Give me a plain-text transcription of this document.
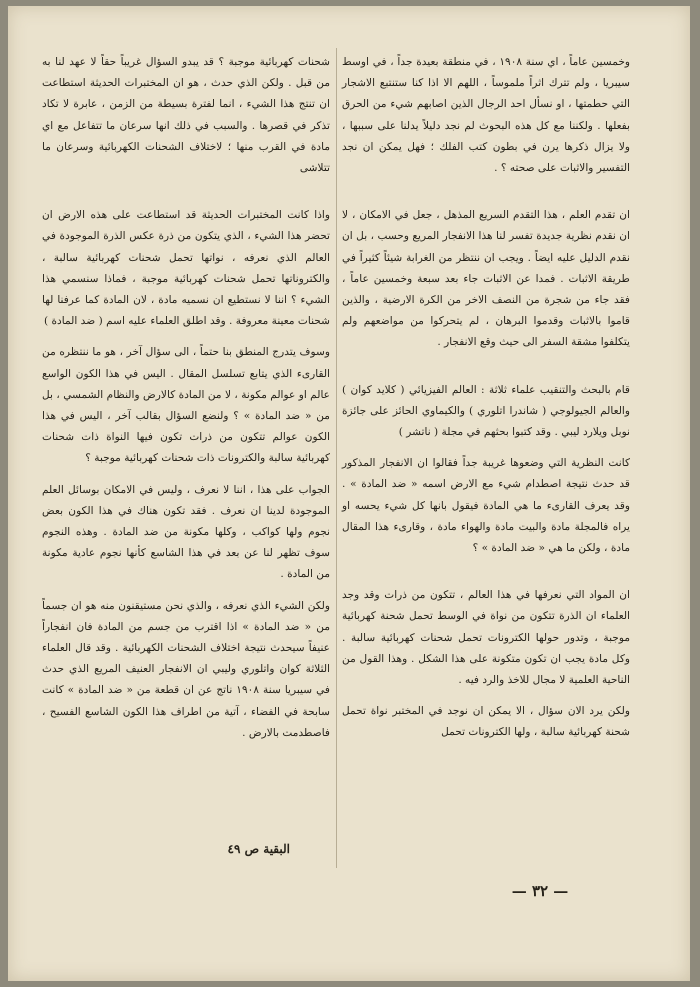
وخمسين عاماً ، اي سنة ١٩٠٨ ، في منطقة بعيدة جداً ، في اوسط سيبريا ، ولم تترك اثراً ملموساً ، اللهم الا اذا كنا ستنتبع الاشجار التي حطمتها ، او نسأل احد الرجال الذين اصابهم شيء من الحرق بفعلها . ولكننا مع كل هذه البحوث لم نجد دليلاً يدلنا على سببها ، ولا يزال ذكرها يرن في بطون كتب الفلك ؛ فهل يمكن ان نجد التفسير والاثبات على صحته ؟ .

ان تقدم العلم ، هذا التقدم السريع المذهل ، جعل في الامكان ، لا ان نقدم نظرية جديدة تفسر لنا هذا الانفجار المريع وحسب ، بل ان نقدم الدليل عليه ايضاً . ويجب ان ننتظر من الغرابة شيئاً كثيراً في طريقة الاثبات . فمدا عن الاثبات جاء بعد سبعة وخمسين عاماً ، فقد جاء من شجرة من النصف الاخر من الكرة الارضية ، والذين قاموا بالاثبات وقدموا البرهان ، لم يتحركوا من مواضعهم ولم يتكلفوا مشقة السفر الى حيث وقع الانفجار .

قام بالبحث والتنقيب علماء ثلاثة : العالم الفيزيائي ( كلايد كوان ) والعالم الجيولوجي ( شاندرا اتلوري ) والكيماوي الحائز على جائزة نوبل ويلارد ليبي . وقد كتبوا بحثهم في مجلة ( ناتشر )

كانت النظرية التي وضعوها غريبة جداً فقالوا ان الانفجار المذكور قد حدث نتيجة اصطدام شيء مع الارض اسمه « ضد المادة » . وقد يعرف القارىء ما هي المادة فيقول بانها كل شيء يحسه او يراه فالمجلة مادة والبيت مادة والهواء مادة ، وقارىء هذا المقال مادة ، ولكن ما هي « ضد المادة » ؟

ان المواد التي نعرفها في هذا العالم ، تتكون من ذرات وقد وجد العلماء ان الذرة تتكون من نواة في الوسط تحمل شحنة كهربائية موجبة ، وتدور حولها الكترونات تحمل شحنات كهربائية سالبة . وكل مادة يجب ان تكون متكونة على هذا الشكل . وهذا القول من الناحية العلمية لا مجال للاخذ والرد فيه .

ولكن يرد الان سؤال ، الا يمكن ان نوجد في المختبر نواة تحمل شحنة كهربائية سالبة ، ولها الكترونات تحمل

شحنات كهربائية موجبة ؟ قد يبدو السؤال غريباً حقاً لا عهد لنا به من قبل . ولكن الذي حدث ، هو ان المختبرات الحديثة استطاعت ان تنتج هذا الشيء ، انما لفترة بسيطة من الزمن ، عابرة لا تكاد تذكر في قصرها . والسبب في ذلك انها سرعان ما تتفاعل مع اي مادة في القرب منها ؛ لاختلاف الشحنات الكهربائية وسرعان ما تتلاشى

واذا كانت المختبرات الحديثة قد استطاعت على هذه الارض ان تحضر هذا الشيء ، الذي يتكون من ذرة عكس الذرة الموجودة في العالم الذي نعرفه ، نواتها تحمل شحنات كهربائية سالبة ، والكتروناتها تحمل شحنات كهربائية موجبة ، فماذا سنسمي هذا الشيء ؟ اننا لا نستطيع ان نسميه مادة ، لان المادة كما عرفنا لها شحنات معينة معروفة . وقد اطلق العلماء عليه اسم ( ضد المادة )

وسوف يتدرج المنطق بنا حتماً ، الى سؤال آخر ، هو ما ننتظره من القارىء الذي يتابع تسلسل المقال . اليس في هذا الكون الواسع عالم او عوالم مكونة ، لا من المادة كالارض والنظام الشمسي ، بل من « ضد المادة » ؟ ولنضع السؤال بقالب آخر ، اليس في هذا الكون عوالم تتكون من ذرات تكون فيها النواة ذات شحنات كهربائية سالبة والكترونات ذات شحنات كهربائية موجبة ؟

الجواب على هذا ، اننا لا نعرف ، وليس في الامكان بوسائل العلم الموجودة لدينا ان نعرف . فقد تكون هناك في هذا الكون بعض نجوم ولها كواكب ، وكلها مكونة من ضد المادة . وهذه النجوم سوف تظهر لنا عن بعد في هذا الشاسع كأنها نجوم عادية مكونة من المادة .

ولكن الشيء الذي نعرفه ، والذي نحن مستيقنون منه هو ان جسماً من « ضد المادة » اذا اقترب من جسم من المادة فان انفجاراً عنيفاً سيحدث نتيجة اختلاف الشحنات الكهربائية . وقد قال العلماء الثلاثة كوان واتلوري وليبي ان الانفجار العنيف المريع الذي حدث في سيبريا سنة ١٩٠٨ ناتج عن ان قطعة من « ضد المادة » كانت سابحة في الفضاء ، آتية من اطراف هذا الكون الشاسع الفسيح ، فاصطدمت بالارض .

البقية ص ٤٩
— ٣٢ —
